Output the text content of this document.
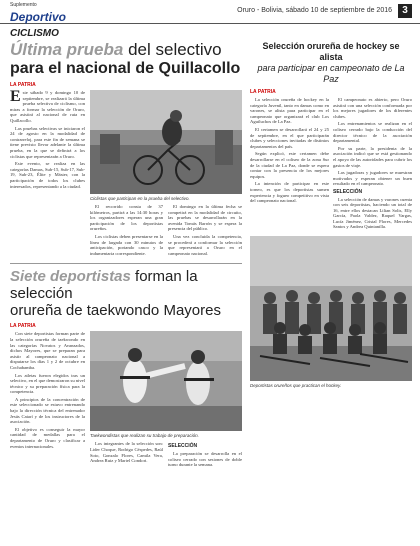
Suplemento
Deportivo	Oruro - Bolivia, sábado 10 de septiembre de 2016	3
CICLISMO
Última prueba del selectivo
para el nacional de Quillacollo
LA PATRIA

Este sábado 9 y domingo 10 de septiembre, se realizará la última prueba selectiva de ciclismo, con miras a formar la selección de Oruro, que asistirá al nacional de ruta en Quillacollo.

Las pruebas selectivas se iniciaron el 24 de agosto en la modalidad de contrarreloj, para este fin de semana se tiene previsto llevar adelante la última prueba, en la que se definirá a los ciclistas que representarán a Oruro.

Este evento, se realiza en las categorías Damas, Sub-15, Sub-17, Sub-19, Sub-23, Élite y Máster, con la participación de todos los clubes interesados, representando a la ciudad.

Ciclistas que participan en la prueba del selectivo.

El recorrido consta de 37 kilómetros, partirá a las 14:30 horas y los organizadores esperan una gran participación de los deportistas orureños.

Los ciclistas deben presentarse en la línea de largada con 30 minutos de anticipación, portando casco y la indumentaria correspondiente.

El domingo en la última fecha se competirá en la modalidad de circuito, las pruebas se desarrollarán en la avenida Tomás Barrón y se espera la presencia del público.

Una vez concluida la competencia, se procederá a conformar la selección que representará a Oruro en el campeonato nacional.

Siete deportistas forman la selección
orureña de taekwondo Mayores
LA PATRIA

Con siete deportistas forman parte de la selección orureña de taekwondo en las categorías Novatos y Avanzados, dichos Mayores, que se preparan para asistir al campeonato nacional a disputarse los días 1 y 2 de octubre en Cochabamba.

Los atletas fueron elegidos tras un selectivo, en el que demostraron su nivel técnico y su preparación física para la competencia.

A principios de la concentración de este seleccionado se estuvo entrenando bajo la dirección técnica del entrenador Jesús Catarí y de los instructores de la asociación.

El objetivo es conseguir la mayor cantidad de medallas para el departamento de Oruro y clasificar a eventos internacionales.

Taekwondistas que realizan su trabajo de preparación.

Los integrantes de la selección son: Lider Choque, Rodrigo Céspedes, Raúl Soto, Gonzalo Flores, Camila Vera, Andrea Ruiz y Mariel Condori.

SELECCIÓN

La preparación se desarrolla en el coliseo cerrado con sesiones de doble turno durante la semana.

Selección orureña de hockey se alista
para participar en campeonato de La Paz
LA PATRIA

La selección orureña de hockey en la categoría Juvenil, tanto en damas como en varones, se alista para participar en el campeonato que organizará el club Los Aguiluchos de La Paz.

El certamen se desarrollará el 24 y 25 de septiembre, en el que participarán clubes y selecciones invitadas de distintos departamentos del país.

Según explicó, este certamen debe desarrollarse en el coliseo de la zona Sur de la ciudad de La Paz, donde se espera contar con la presencia de los mejores equipos.

La intención de participar en este torneo, es que los deportistas sumen experiencia y fogueo competitivo en vista del campeonato nacional.

El campeonato es abierto, pero Oruro asistirá con una selección conformada por los mejores jugadores de los diferentes clubes.

Los entrenamientos se realizan en el coliseo cerrado bajo la conducción del director técnico de la asociación departamental.

Por su parte, la presidenta de la asociación indicó que se está gestionando el apoyo de las autoridades para cubrir los gastos de viaje.

Las jugadoras y jugadores se muestran motivados y esperan obtener un buen resultado en el campeonato.

SELECCIÓN

La selección de damas y varones cuenta con seis deportistas, haciendo un total de 16, entre ellos destacan Lilian Solis, Elly García, Paola Valdez, Raquel Vargas, Lucía Jiménez, Cristal Flores, Mercedes Santos y Andrea Quintanilla.

Deportistas orureños que practican el hockey.
